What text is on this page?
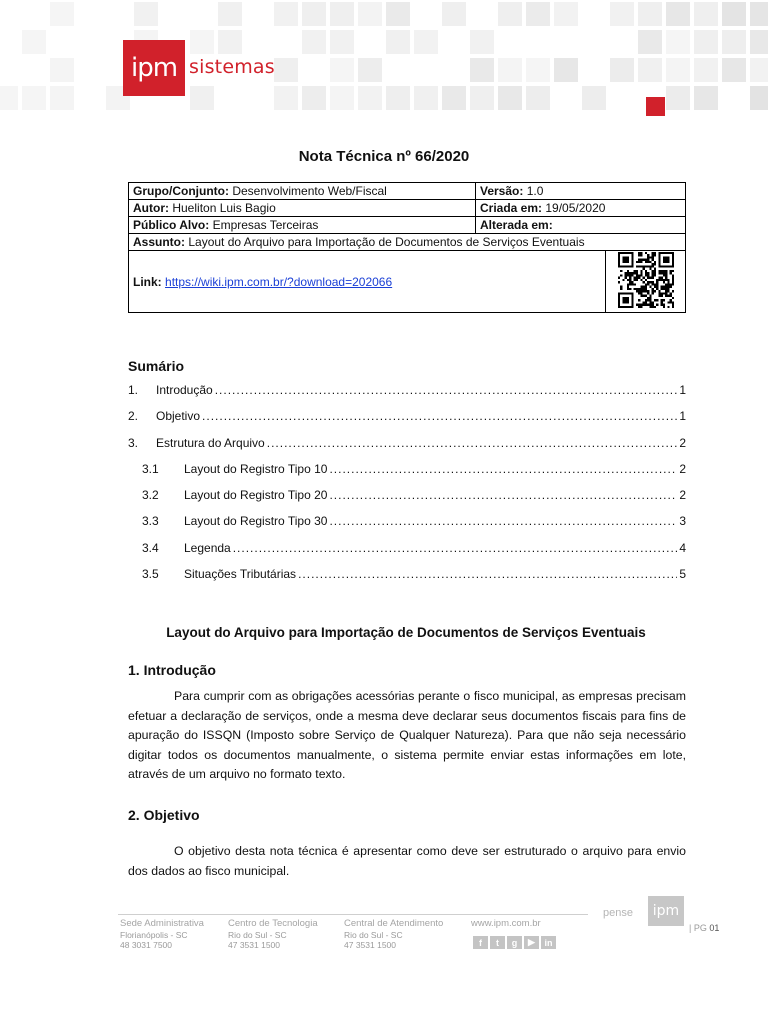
ipm sistemas
Nota Técnica nº 66/2020
Grupo/Conjunto: Desenvolvimento Web/Fiscal	Versão: 1.0	
Autor: Hueliton Luis Bagio	Criada em: 19/05/2020	
Público Alvo: Empresas Terceiras	Alterada em:	
Assunto: Layout do Arquivo para Importação de Documentos de Serviços Eventuais		
Link: https://wiki.ipm.com.br/?download=202066	
Sumário
1.	Introdução .....	1
2.	Objetivo .....	1
3.	Estrutura do Arquivo .....	2
3.1	Layout do Registro Tipo 10 .....	2
3.2	Layout do Registro Tipo 20 .....	2
3.3	Layout do Registro Tipo 30 .....	3
3.4	Legenda .....	4
3.5	Situações Tributárias .....	5
Layout do Arquivo para Importação de Documentos de Serviços Eventuais
1. Introdução
Para cumprir com as obrigações acessórias perante o fisco municipal, as empresas precisam efetuar a declaração de serviços, onde a mesma deve declarar seus documentos fiscais para fins de apuração do ISSQN (Imposto sobre Serviço de Qualquer Natureza). Para que não seja necessário digitar todos os documentos manualmente, o sistema permite enviar estas informações em lote, através de um arquivo no formato texto.
2. Objetivo
O objetivo desta nota técnica é apresentar como deve ser estruturado o arquivo para envio dos dados ao fisco municipal.
Sede Administrativa
Florianópolis - SC
48 3031 7500
Centro de Tecnologia
Rio do Sul - SC
47 3531 1500
Central de Atendimento
Rio do Sul - SC
47 3531 1500
www.ipm.com.br
f	t	g	▶	in
pense	ipm
| PG 01
